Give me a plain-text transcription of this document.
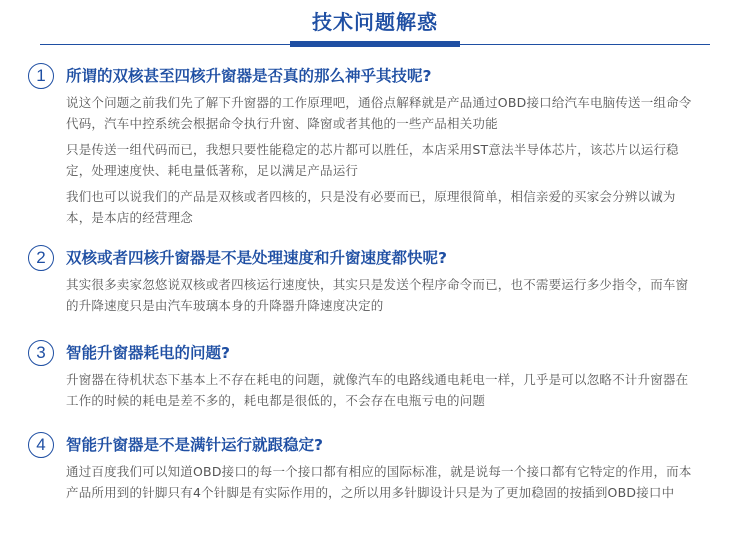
技术问题解惑
1	所谓的双核甚至四核升窗器是否真的那么神乎其技呢?
说这个问题之前我们先了解下升窗器的工作原理吧，通俗点解释就是产品通过OBD接口给汽车电脑传送一组命令代码，汽车中控系统会根据命令执行升窗、降窗或者其他的一些产品相关功能
只是传送一组代码而已，我想只要性能稳定的芯片都可以胜任，本店采用ST意法半导体芯片，该芯片以运行稳定，处理速度快、耗电量低著称，足以满足产品运行
我们也可以说我们的产品是双核或者四核的，只是没有必要而已，原理很简单，相信亲爱的买家会分辨以诚为本，是本店的经营理念
2	双核或者四核升窗器是不是处理速度和升窗速度都快呢?
其实很多卖家忽悠说双核或者四核运行速度快，其实只是发送个程序命令而已，也不需要运行多少指令，而车窗的升降速度只是由汽车玻璃本身的升降器升降速度决定的
3	智能升窗器耗电的问题?
升窗器在待机状态下基本上不存在耗电的问题，就像汽车的电路线通电耗电一样，几乎是可以忽略不计升窗器在工作的时候的耗电是差不多的，耗电都是很低的，不会存在电瓶亏电的问题
4	智能升窗器是不是满针运行就跟稳定?
通过百度我们可以知道OBD接口的每一个接口都有相应的国际标准，就是说每一个接口都有它特定的作用，而本产品所用到的针脚只有4个针脚是有实际作用的，之所以用多针脚设计只是为了更加稳固的按插到OBD接口中
